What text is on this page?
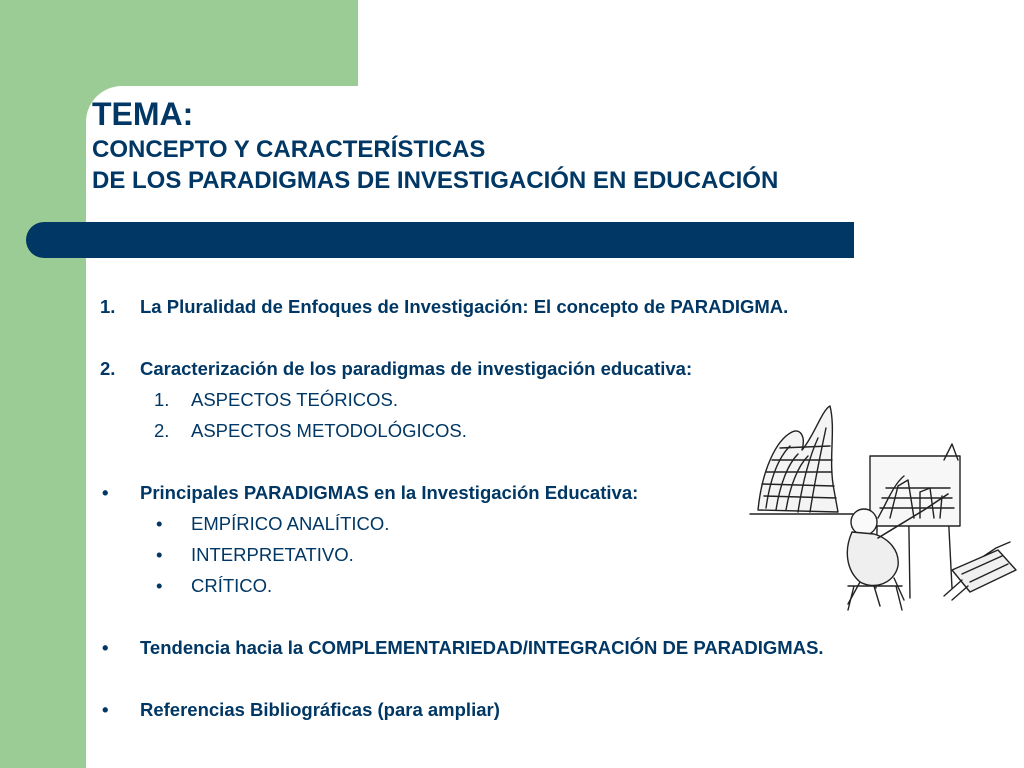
TEMA:
CONCEPTO Y CARACTERÍSTICAS
DE LOS PARADIGMAS DE INVESTIGACIÓN EN EDUCACIÓN
1. La Pluralidad de Enfoques de Investigación: El concepto de PARADIGMA.
2. Caracterización de los paradigmas de investigación educativa:
1. ASPECTOS TEÓRICOS.
2. ASPECTOS METODOLÓGICOS.
• Principales PARADIGMAS en la Investigación Educativa:
• EMPÍRICO ANALÍTICO.
• INTERPRETATIVO.
• CRÍTICO.
• Tendencia hacia la COMPLEMENTARIEDAD/INTEGRACIÓN DE PARADIGMAS.
• Referencias Bibliográficas (para ampliar)
